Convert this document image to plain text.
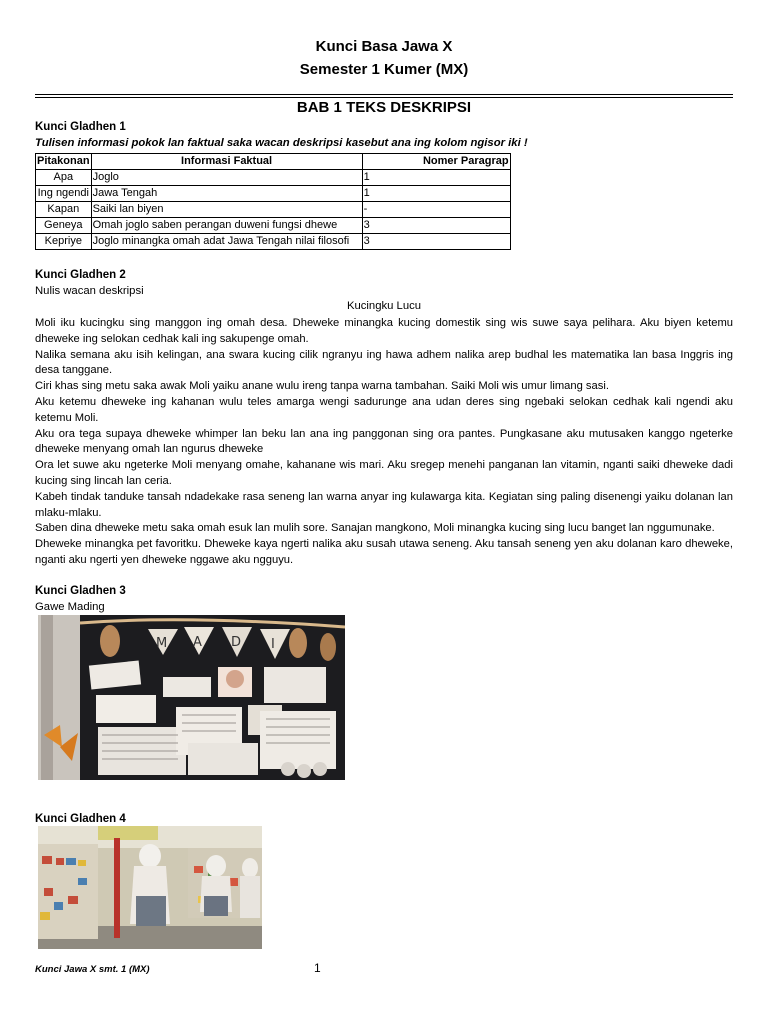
Kunci Basa Jawa X
Semester 1 Kumer (MX)
BAB 1 TEKS DESKRIPSI
Kunci Gladhen 1
Tulisen informasi pokok lan faktual saka wacan deskripsi kasebut ana ing kolom ngisor iki !
Pitakonan	Informasi Faktual	Nomer Paragrap
Apa	Joglo	1
Ing ngendi	Jawa Tengah	1
Kapan	Saiki lan biyen	-
Geneya	Omah joglo saben perangan duweni fungsi dhewe	3
Kepriye	Joglo minangka omah adat Jawa Tengah nilai filosofi	3
Kunci Gladhen 2
Nulis wacan deskripsi
Kucingku Lucu

Moli iku kucingku sing manggon ing omah desa. Dheweke minangka kucing domestik sing wis suwe saya pelihara. Aku biyen ketemu dheweke ing selokan cedhak kali ing sakupenge omah.

Nalika semana aku isih kelingan, ana swara kucing cilik ngranyu ing hawa adhem nalika arep budhal les matematika lan basa Inggris ing desa tanggane.

Ciri khas sing metu saka awak Moli yaiku anane wulu ireng tanpa warna tambahan. Saiki Moli wis umur limang sasi.

Aku ketemu dheweke ing kahanan wulu teles amarga wengi sadurunge ana udan deres sing ngebaki selokan cedhak kali ngendi aku ketemu Moli.

Aku ora tega supaya dheweke whimper lan beku lan ana ing panggonan sing ora pantes. Pungkasane aku mutusaken kanggo ngeterke dheweke menyang omah lan ngurus dheweke

Ora let suwe aku ngeterke Moli menyang omahe, kahanane wis mari. Aku sregep menehi panganan lan vitamin, nganti saiki dheweke dadi kucing sing lincah lan ceria.

Kabeh tindak tanduke tansah ndadekake rasa seneng lan warna anyar ing kulawarga kita. Kegiatan sing paling disenengi yaiku dolanan lan mlaku-mlaku.

Saben dina dheweke metu saka omah esuk lan mulih sore. Sanajan mangkono, Moli minangka kucing sing lucu banget lan nggumunake.

Dheweke minangka pet favoritku. Dheweke kaya ngerti nalika aku susah utawa seneng. Aku tansah seneng yen aku dolanan karo dheweke, nganti aku ngerti yen dheweke nggawe aku ngguyu.

Kunci Gladhen 3
Gawe Mading
M A D I
Kunci Gladhen 4
Kunci Jawa X smt. 1 (MX)	1
